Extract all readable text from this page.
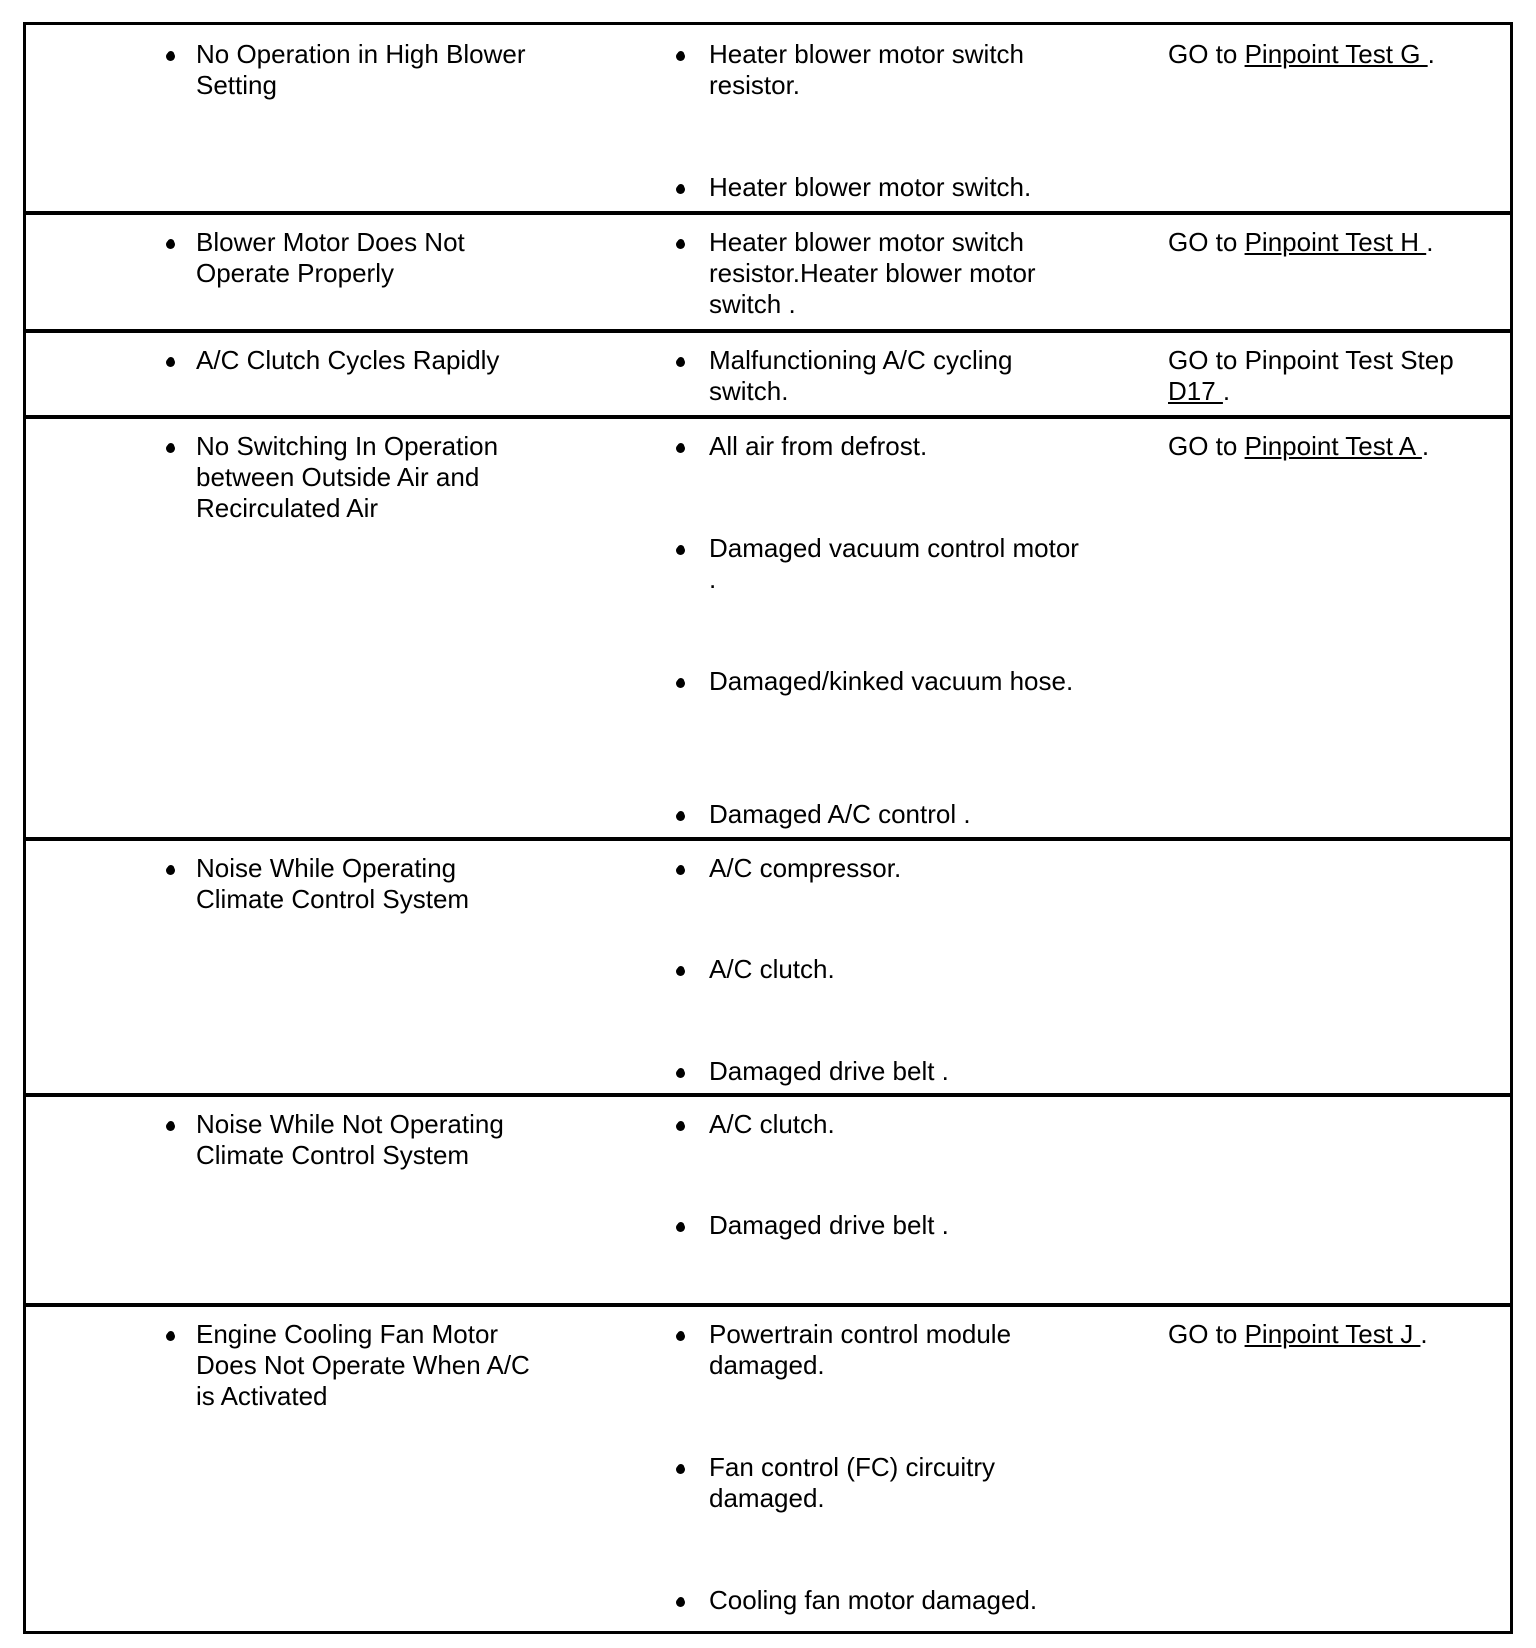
● No Operation in High Blower Setting
● Heater blower motor switch resistor.
● Heater blower motor switch.
GO to Pinpoint Test G .
● Blower Motor Does Not Operate Properly
● Heater blower motor switch resistor.Heater blower motor switch .
GO to Pinpoint Test H .
● A/C Clutch Cycles Rapidly
●	Malfunctioning A/C cycling switch.
GO to Pinpoint Test Step D17 .
● No Switching In Operation between Outside Air and Recirculated Air
● All air from defrost.
● Damaged vacuum control motor .
● Damaged/kinked vacuum hose.
● Damaged A/C control .
GO to Pinpoint Test A .
● Noise While Operating Climate Control System
● A/C compressor.
● A/C clutch.
● Damaged drive belt .
● Noise While Not Operating Climate Control System
● A/C clutch.
● Damaged drive belt .
● Engine Cooling Fan Motor Does Not Operate When A/C is Activated
● Powertrain control module damaged.
● Fan control (FC) circuitry damaged.
● Cooling fan motor damaged.
GO to Pinpoint Test J .
